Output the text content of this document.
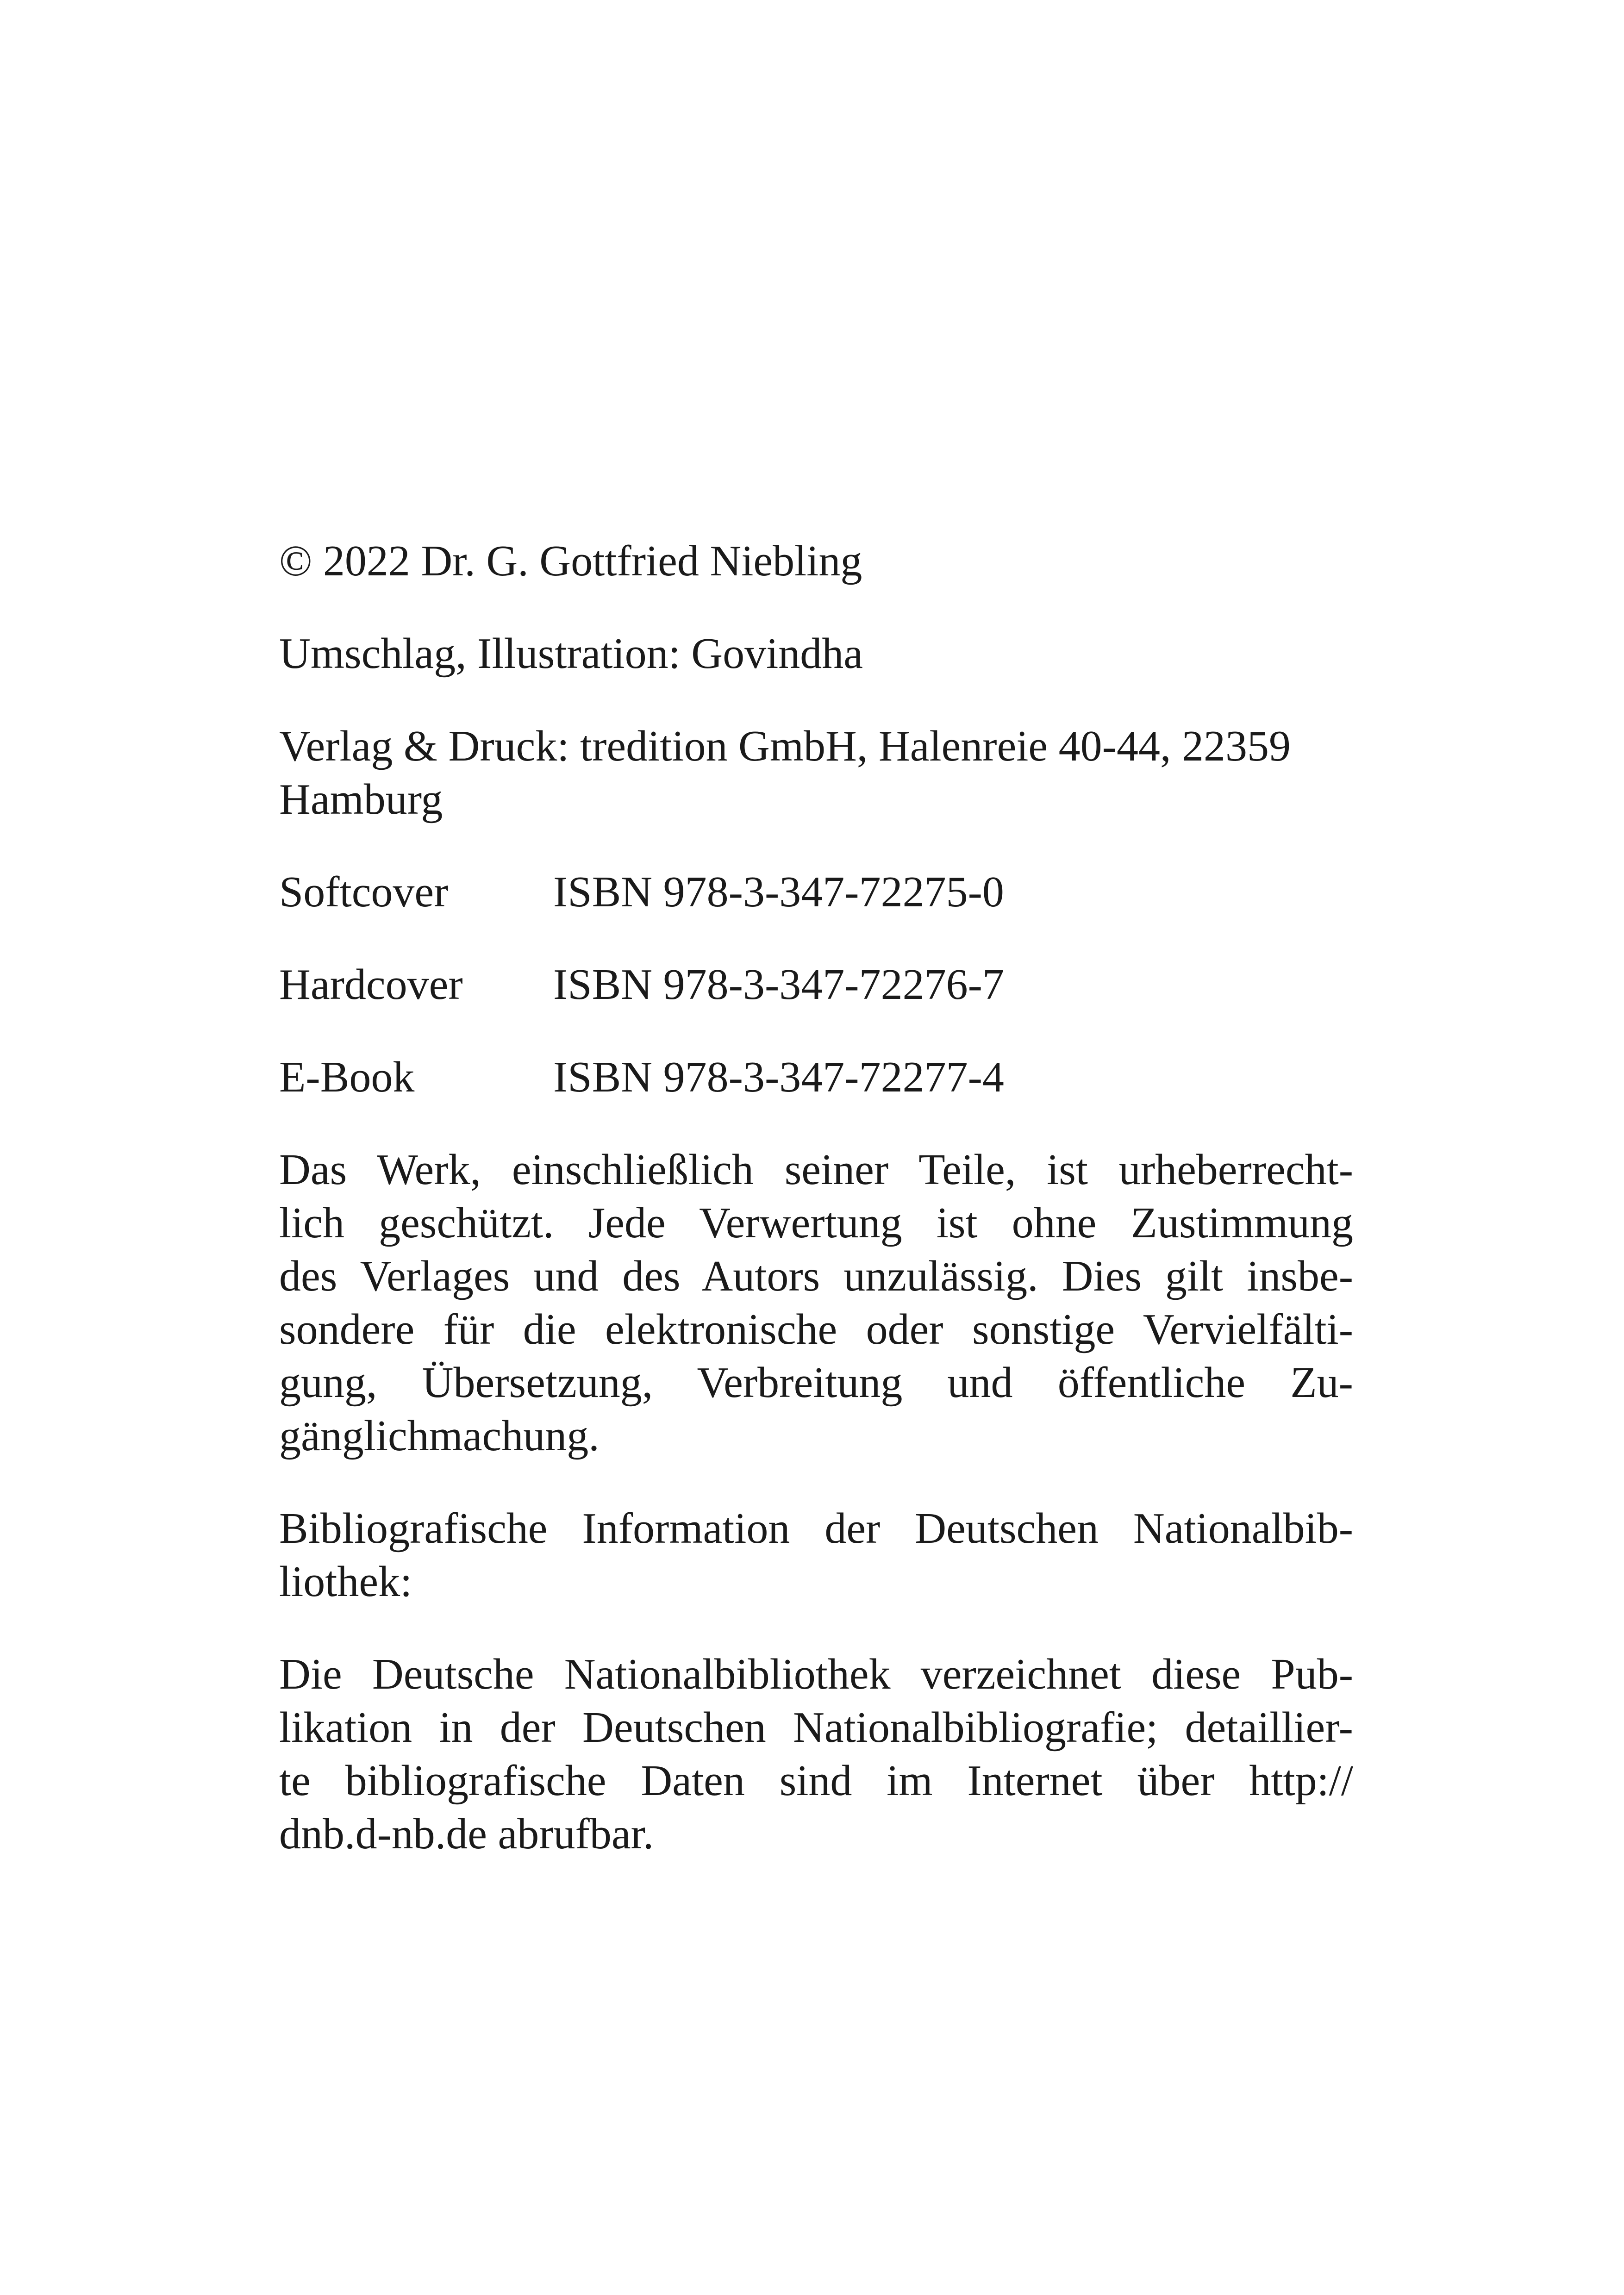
© 2022 Dr. G. Gottfried Niebling

Umschlag, Illustration: Govindha

Verlag & Druck: tredition GmbH, Halenreie 40-44, 22359

Hamburg

Softcover	ISBN 978-3-347-72275-0
Hardcover	ISBN 978-3-347-72276-7
E-Book	ISBN 978-3-347-72277-4
Das Werk, einschließlich seiner Teile, ist urheberrecht-
lich geschützt. Jede Verwertung ist ohne Zustimmung
des Verlages und des Autors unzulässig. Dies gilt insbe-
sondere für die elektronische oder sonstige Vervielfälti-
gung, Übersetzung, Verbreitung und öffentliche Zu-
gänglichmachung.
Bibliografische Information der Deutschen Nationalbib-
liothek:
Die Deutsche Nationalbibliothek verzeichnet diese Pub-
likation in der Deutschen Nationalbibliografie; detaillier-
te bibliografische Daten sind im Internet über http://
dnb.d-nb.de abrufbar.
